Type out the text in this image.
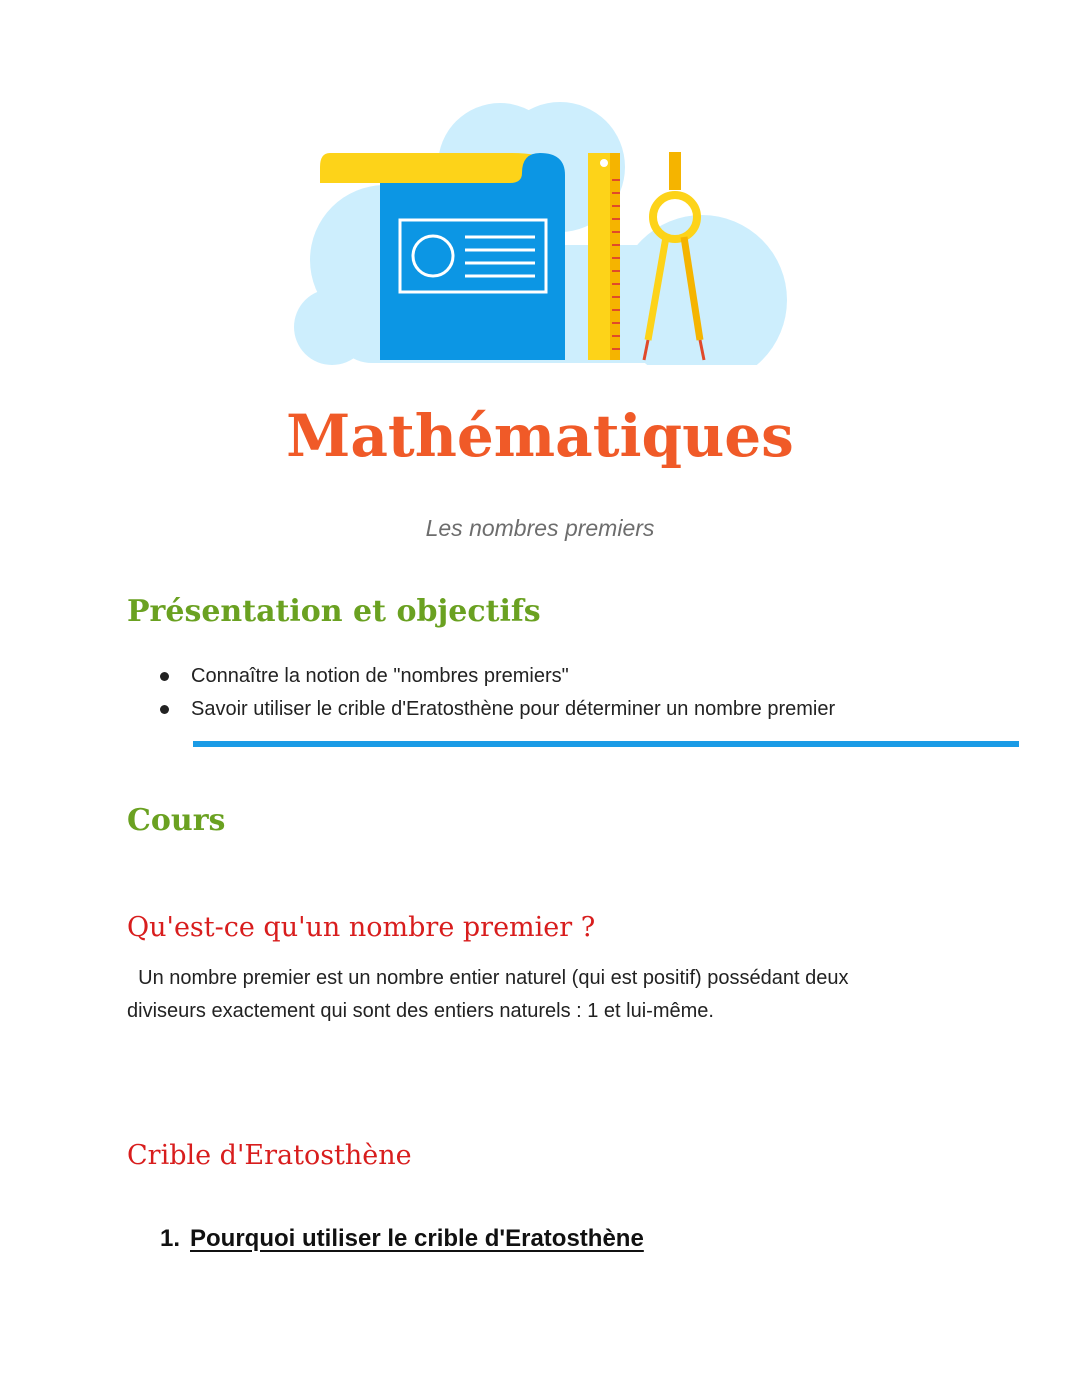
Mathématiques

Les nombres premiers

Présentation et objectifs
Connaître la notion de "nombres premiers"
Savoir utiliser le crible d'Eratosthène pour déterminer un nombre premier
Cours
Qu'est-ce qu'un nombre premier ?

Un nombre premier est un nombre entier naturel (qui est positif) possédant deux diviseurs exactement qui sont des entiers naturels : 1 et lui-même.

Crible d'Eratosthène

1. Pourquoi utiliser le crible d'Eratosthène
